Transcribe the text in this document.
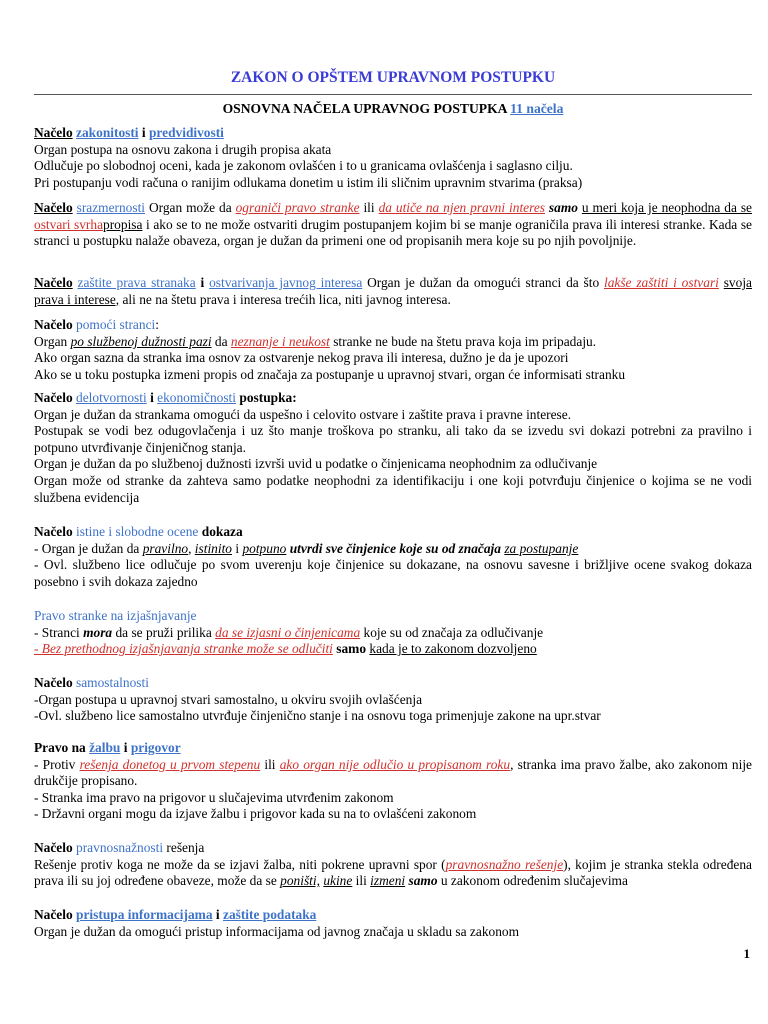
ZAKON O OPŠTEM UPRAVNOM POSTUPKU
OSNOVNA NAČELA UPRAVNOG POSTUPKA 11 načela

Načelo zakonitosti i predvidivosti

Organ postupa na osnovu zakona i drugih propisa akata

Odlučuje po slobodnoj oceni, kada je zakonom ovlašćen i to u granicama ovlašćenja i saglasno cilju.

Pri postupanju vodi računa o ranijim odlukama donetim u istim ili sličnim upravnim stvarima (praksa)

Načelo srazmernosti Organ može da ograniči pravo stranke ili da utiče na njen pravni interes samo u meri koja je neophodna da se ostvari svrhapropisa i ako se to ne može ostvariti drugim postupanjem kojim bi se manje ograničila prava ili interesi stranke. Kada se stranci u postupku nalaže obaveza, organ je dužan da primeni one od propisanih mera koje su po njih povoljnije.

Načelo zaštite prava stranaka i ostvarivanja javnog interesa Organ je dužan da omogući stranci da što lakše zaštiti i ostvari svoja prava i interese, ali ne na štetu prava i interesa trećih lica, niti javnog interesa.

Načelo pomoći stranci:

Organ po službenoj dužnosti pazi da neznanje i neukost stranke ne bude na štetu prava koja im pripadaju.

Ako organ sazna da stranka ima osnov za ostvarenje nekog prava ili interesa, dužno je da je upozori

Ako se u toku postupka izmeni propis od značaja za postupanje u upravnoj stvari, organ će informisati stranku

Načelo delotvornosti i ekonomičnosti postupka:

Organ je dužan da strankama omogući da uspešno i celovito ostvare i zaštite prava i pravne interese.

Postupak se vodi bez odugovlačenja i uz što manje troškova po stranku, ali tako da se izvedu svi dokazi potrebni za pravilno i potpuno utvrđivanje činjeničnog stanja.

Organ je dužan da po službenoj dužnosti izvrši uvid u podatke o činjenicama neophodnim za odlučivanje

Organ može od stranke da zahteva samo podatke neophodni za identifikaciju i one koji potvrđuju činjenice o kojima se ne vodi službena evidencija

Načelo istine i slobodne ocene dokaza

- Organ je dužan da pravilno, istinito i potpuno utvrdi sve činjenice koje su od značaja za postupanje

- Ovl. službeno lice odlučuje po svom uverenju koje činjenice su dokazane, na osnovu savesne i brižljive ocene svakog dokaza posebno i svih dokaza zajedno

Pravo stranke na izjašnjavanje

- Stranci mora da se pruži prilika da se izjasni o činjenicama koje su od značaja za odlučivanje

- Bez prethodnog izjašnjavanja stranke može se odlučiti samo kada je to zakonom dozvoljeno

Načelo samostalnosti

-Organ postupa u upravnoj stvari samostalno, u okviru svojih ovlašćenja

-Ovl. službeno lice samostalno utvrđuje činjenično stanje i na osnovu toga primenjuje zakone na upr.stvar

Pravo na žalbu i prigovor

- Protiv rešenja donetog u prvom stepenu ili ako organ nije odlučio u propisanom roku, stranka ima pravo žalbe, ako zakonom nije drukčije propisano.

- Stranka ima pravo na prigovor u slučajevima utvrđenim zakonom

- Državni organi mogu da izjave žalbu i prigovor kada su na to ovlašćeni zakonom

Načelo pravnosnažnosti rešenja

Rešenje protiv koga ne može da se izjavi žalba, niti pokrene upravni spor (pravnosnažno rešenje), kojim je stranka stekla određena prava ili su joj određene obaveze, može da se poništi, ukine ili izmeni samo u zakonom određenim slučajevima

Načelo pristupa informacijama i zaštite podataka

Organ je dužan da omogući pristup informacijama od javnog značaja u skladu sa zakonom

1
